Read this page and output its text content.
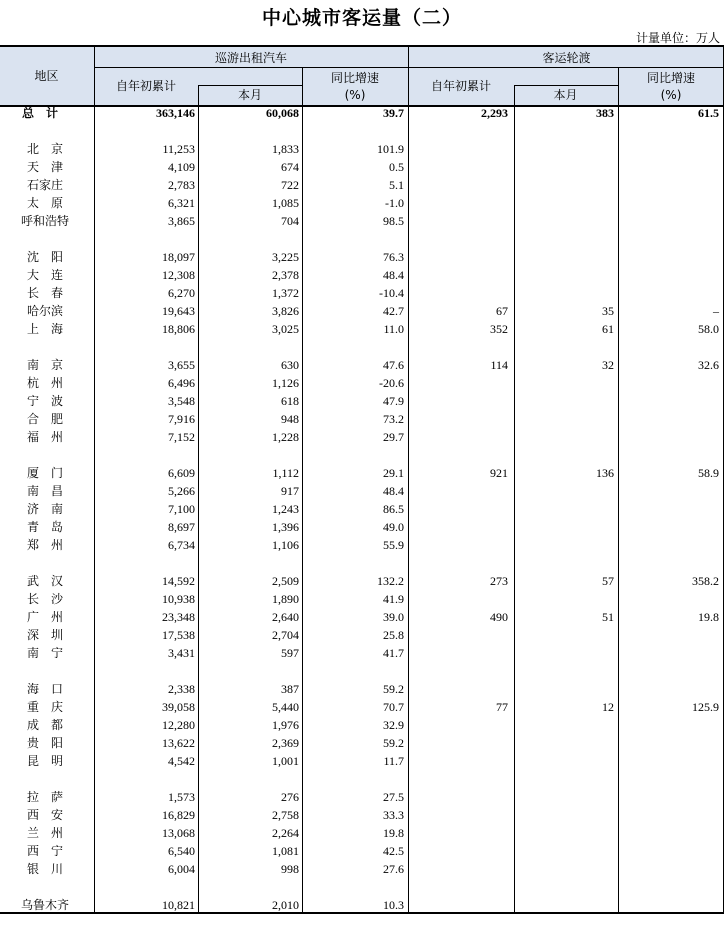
中心城市客运量（二）
计量单位：万人
地区
巡游出租汽车	客运轮渡
自年初累计
本月
同比增速
(%)
自年初累计
本月
同比增速
(%)
总　计	363,146	60,068	39.7	2,293	383	61.5
北　京	11,253	1,833	101.9
天　津	4,109	674	0.5
石家庄	2,783	722	5.1
太　原	6,321	1,085	-1.0
呼和浩特	3,865	704	98.5
沈　阳	18,097	3,225	76.3
大　连	12,308	2,378	48.4
长　春	6,270	1,372	-10.4
哈尔滨	19,643	3,826	42.7	67	35	–
上　海	18,806	3,025	11.0	352	61	58.0
南　京	3,655	630	47.6	114	32	32.6
杭　州	6,496	1,126	-20.6
宁　波	3,548	618	47.9
合　肥	7,916	948	73.2
福　州	7,152	1,228	29.7
厦　门	6,609	1,112	29.1	921	136	58.9
南　昌	5,266	917	48.4
济　南	7,100	1,243	86.5
青　岛	8,697	1,396	49.0
郑　州	6,734	1,106	55.9
武　汉	14,592	2,509	132.2	273	57	358.2
长　沙	10,938	1,890	41.9
广　州	23,348	2,640	39.0	490	51	19.8
深　圳	17,538	2,704	25.8
南　宁	3,431	597	41.7
海　口	2,338	387	59.2
重　庆	39,058	5,440	70.7	77	12	125.9
成　都	12,280	1,976	32.9
贵　阳	13,622	2,369	59.2
昆　明	4,542	1,001	11.7
拉　萨	1,573	276	27.5
西　安	16,829	2,758	33.3
兰　州	13,068	2,264	19.8
西　宁	6,540	1,081	42.5
银　川	6,004	998	27.6
乌鲁木齐	10,821	2,010	10.3
